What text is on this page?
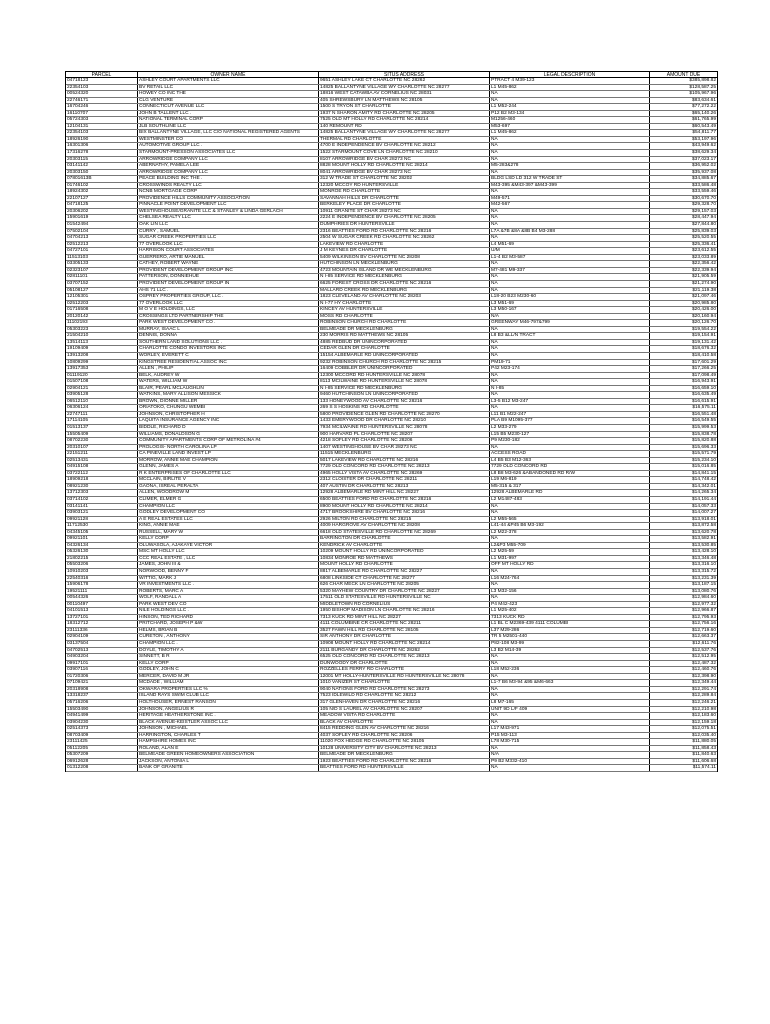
PARCEL	OWNER NAME	SITUS ADDRESS	LEGAL DESCRIPTION	AMOUNT DUE
04718123	ASHLEY COURT APARTMENTS LLC	9651 ASHLEY LAKE CT CHARLOTTE NC 28262	PTRACT 4 M39-123	$385,898.82
22354103	BV RETAIL LLC	14825 BALLANTYNE VILLAGE WY CHARLOTTE NC 28277	L1 M45-862	$128,587.25
00524320	HOWEY CO INC THE	18816 WEST CATAWBA AV CORNELIUS NC 28031	NA	$105,967.96
22746171	CLG VENTURE	405 SHREWSBURY LN MATTHEWS NC 28105	NA	$83,634.61
16704246	CONNECTICUT AVENUE LLC	1500 S TRYON ST CHARLOTTE	L1 M52-244	$77,272.22
16110707	JOHN B TALLENT LLC .	1937 N SHARON AMITY RD CHARLOTTE NC 28205	P12 B2 M3-134	$65,140.26
05724303	NATIONAL TERMINAL CORP	7525 OLD MT HOLLY RD CHARLOTTE NC 28214	M1256-460	$61,765.99
12104131	JLB SOUTHLINE LLC	140 REMOUNT RD	M53-697	$60,543.49
22354103	BIX BALLANTYNE VILLAGE, LLC C/O NATIONAL REGISTERED AGENTS	14825 BALLANTYNE VILLAGE WY CHARLOTTE NC 28277	L1 M45-862	$54,811.77
18926190	WESTMINSTER CO	THERMAL RD CHARLOTTE	NA	$53,197.96
16301306	AUTOMOTIVE GROUP LLC .	4700 E INDEPENDENCE BV CHARLOTTE NC 28212	NA	$43,949.62
17316278	STARMOUNT-PRESSON ASSOCIATES LLC	1522 STARMOUNT COVE LN CHARLOTTE NC 28210	NA	$38,629.34
20303115	ARROWRIDGE COMPANY LLC	8107 ARROWRIDGE BV CHAR 28273 NC	NA	$37,023.17
03141142	ABERNATHY, PAMELA LEE	8828 MOUNT HOLLY RD CHARLOTTE NC 28214	M5-283&278	$36,952.02
20303150	ARROWRIDGE COMPANY LLC	8041 ARROWRIDGE BV CHAR 28273 NC	NA	$35,937.08
07801613B	PEACE BUILDING INC THE .	312 W TRADE ST CHARLOTTE NC 28202	BLDG LSD LD 312 W TRADE ST	$34,885.67
01746102	CROSSWINDS REALTY LLC	12320 MCCOY RD HUNTERSVILLE	M43-395 &M43-397 &M43-399	$33,586.48
18924302	NCNB MORTGAGE CORP	MONROE RD CHARLOTTE	NA	$33,559.46
22107127	PROVIDENCE HILLS COMMUNITY ASSOCIATION	SAVANNAH HILLS DR CHARLOTTE	M49-571	$30,670.70
04718125	PINNACLE POINT DEVELOPMENT LLC	BERKELEY PLACE DR CHARLOTTE	M42-567	$29,328.70
20306202	WESTINGHOUSE/GRANITE LLC & STANLEY & LINDA GERLACH	10911 GRANITE ST CHAR 28273 NC	NA	$29,157.03
15901619	CHELSEA REALTY LLC	2224 E INDEPENDENCE BV CHARLOTTE NC 28205	NA	$28,447.94
01542494	OAK LIN LLC	DUMPHRIES DR HUNTERSVILLE	NA	$27,844.80
07502104	CURRY , SAMUEL	2316 BEATTIES FORD RD CHARLOTTE NC 28216	L7A &7B &8A &8B B4 M3-288	$25,839.03
04704213	SUGAR CREEK PROPERTIES LLC	2504 W SUGAR CREEK RD CHARLOTTE NC 28262	NA	$25,520.55
02512213	77 OVERLOOK LLC	LAKEVIEW RD CHARLOTTE	L4 M51-69	$25,336.41
04727101	HARRISON COURT ASSOCIATES	J M KEYNES DR CHARLOTTE	U/M	$23,612.55
11513103	GUERRERO, ARTIE MANUEL	5409 WILKINSON BV CHARLOTTE NC 28208	L1-4 B2 M3-587	$23,033.89
03305133	CATHEY, ROBERT WAYNE	HUTCHINSON LN MECKLENBURG	NA	$22,356.42
02323107	PROVIDENT DEVELOPMENT GROUP INC	4723 MOUNTAIN ISLAND DR WE MECKLENBURG	M7-481 M9-337	$22,339.94
02811101	PATTERSON, DONNIEHUE	N I-85 SERVICE RD MECKLENBURG	NA	$21,905.59
03707152	PROVIDENT DEVELOPMENT GROUP IN	6625 FOREST CROSS DR CHARLOTTE NC 28216	NA	$21,274.90
05108127	AHS 71 LLC .	MALLARD CREEK RD MECKLENBURG	NA	$21,119.38
12105301	OSPREY PROPERTIES GROUP, LLC .	1823 CLEVELAND AV CHARLOTTE NC 28203	L18-20 B23 M230-60	$21,097.46
02512203	77 OVERLOOK LLC	N I-77 HY CHARLOTTE	L3 M51-69	$20,985.80
01716508	M O V E HOLDINGS, LLC	KINCEY AV HUNTERSVILLE	L3 M50-167	$20,426.00
20120142	CROSSINGS LTD PARTNERSHIP THE	MOSS RD CHARLOTTE	N/A	$20,160.94
11102193	PARK WEST DEVELOPMENT CO .	ROBINSON CHURCH RD CHARLOTTE	GREENWAY M46-797&799	$20,126.70
05303223	MURRAY, ISAAC L	BELMEADE DR MECKLENBURG	NA	$19,554.22
21504210	DENNIS, DONNA	230 MORRIS RD MATTHEWS NC 28105	L8 B3 &LL/N TRACT	$19,154.91
13514113	SOUTHERN LAND SOLUTIONS LLC .	4885 REDBUD DR UNINCORPORATED	NA	$19,131.42
19109409	CHARLOTTE CONDO INVESTORS INC	CEDAR GLEN DR CHARLOTTE	NA	$18,676.32
13913208	WORLEY, EVERETT C	15154 ALBEMARLE RD UNINCORPORATED	NA	$18,410.58
10809299	KINGSTREE RESIDENTIAL ASSOC INC	9232 ROBINSON CHURCH RD CHARLOTTE NC 28215	PM19-71	$17,601.29
13917353	ALLEN , PHILIP	16409 COBBLER DR UNINCORPORATED	P42 M23-174	$17,266.25
01119120	BELK, AUDREY W	12300 MCCORD RD HUNTERSVILLE NC 28078	NA	$17,098.49
01507108	WATERS, WILLIAM W	8113 MCILWAINE RD HUNTERSVILLE NC 28078	NA	$16,943.91
02904121	BLAIR, PEARL MCLAUGHLIN	N I-85 SERVICE RD MECKLENBURG	N I-85	$16,659.10
03905128	WATKINS, MARY ALLISON MESSICK	9460 HUTCHINSON LN UNINCORPORATED	NA	$16,635.49
06512110	BROWN, DIONNE MILLER	133 HONEYWOOD AV CHARLOTTE NC 28216	L3-5 B12 M3-247	$16,615.91
06306124	ORIATOKO, CHUNGU WEMBI	269 S S HOSKINS RD CHARLOTTE	NA	$16,575.11
22747111	JOHNSON, CHRISTOPHER H	5800 PROVIDENCE GLEN RD CHARLOTTE NC 28270	L11 B1 M22-247	$16,551.48
17114105	LAQUITA INSURANCE AGENCY INC	1433 EMERYWOOD DR CHARLOTTE NC 28210	PLA B9 M1095-377	$16,549.55
01513137	BIDDLE, RICHARD D	7934 MCILWAINE RD HUNTERSVILLE NC 28078	L2 M33-279	$15,999.53
15505409	WILLIAMS, DONALDSON G	900 HARVARD PL CHARLOTTE NC 28207	L15 B5 M230-127	$15,838.78
08702230	COMMUNITY APARTMENTS CORP OF METROLINA #4	4218 SOFLEY RD CHARLOTTE NC 28206	P9 M230-182	$15,820.88
20310107	PROLOGIS- NORTH CAROLINA LP	1407 WESTINGHOUSE BV CHAR 28273 NC	NA	$15,696.33
22151211	CA PINEVILLE LAND INVEST LP	11515 MECKLENBURG	ACCESS ROAD	$15,571.79
02513431	MORROW, ANNIE MAE CHAMPION	5017 LAKEVIEW RD CHARLOTTE NC 28216	L4 B5 B3 M12-363	$15,234.10
04915108	GLENN, JAMES A	7729 OLD CONCORD RD CHARLOTTE NC 28213	7729 OLD CONCORD RD	$15,016.85
03722112	R K ENTERPRISES OF CHARLOTTE LLC	4965 HOLLY VISTA AV CHARLOTTE NC 28269	L8 B8 M3-626 &ABANDONED RD R/W	$14,841.15
18909218	MCCLAIN, BIRLITE V	2312 CLOISTER DR CHARLOTTE NC 28211	L19 M6-819	$14,748.42
08921230	GAONA, ISREAL PERALTA	407 AUSTIN DR CHARLOTTE NC 28213	M5-315 & 317	$14,342.01
13712303	ALLEN, WOODROW M	12928 ALBEMARLE RD MINT HILL NC 28227	12928 ALBEMARLE RD	$14,265.34
03714102	CLIMER, ELMER G	6500 BEATTIES FORD RD CHARLOTTE NC 28216	L2 M1487-483	$14,191.44
03141141	CHAMPION LLC	8900 MOUNT HOLLY RD CHARLOTTE NC 28214	NA	$14,057.33
03903121	GODLEY DEVELOPMENT CO	4717 BROOKSHIRE BV CHARLOTTE NC 28216	NA	$14,007.27
09921128	A E REAL ESTATES LLC	2926 MILTON RD CHARLOTTE NC 28215	L2 M55-565	$13,918.01
11712530	KING, ANNIE MAE	4009 HARGROVE AV CHARLOTTE NC 28208	L41-44 &P45 B6 M3-192	$13,872.58
04345105	RUSSELL, MARY W	6618 OLD STATESVILLE RD CHARLOTTE NC 28269	L2 M22-378	$13,620.78
09921101	KELLY CORP	BARRINGTON DR CHARLOTTE	NA	$13,582.91
04326134	OLUWASOLA, AJAKAYE VICTOR	KENDRICK AV CHARLOTTE	L2&P3 M55-709	$13,530.85
05326130	MSC MT HOLLY LLC	10209 MOUNT HOLLY RD UNINCORPORATED	L2 M25-59	$13,428.10
21802215	CCC REAL ESTATE , LLC	10834 MONROE RD MATTHEWS	L1 M31-997	$13,346.48
05503206	JAMES, JOHN III &	MOUNT HOLLY RD CHARLOTTE	OFF MT HOLLY RD	$13,316.10
10910203	NORWOOD, BENNY F	8817 ALBEMARLE RD CHARLOTTE NC 28227	NA	$13,315.72
22540316	WITTIG, MARK J	6808 LINKSIDE CT CHARLOTTE NC 28277	L16 M24-764	$13,231.39
15906178	VR INVESTMENTS LLC .	626 CHAR MECK LN CHARLOTTE NC 28205	NA	$13,187.15
19521111	ROBERTS, MARC A	5320 MAYHEW COUNTRY DR CHARLOTTE NC 28227	L3 M32-156	$13,080.76
00544326	WOLF, RANDALL A	17511 OLD STATESVILLE RD HUNTERSVILLE NC	NA	$12,984.60
00110497	PARK WEST DEV CO	MIDDLETOWN RD CORNELIUS	P4 M42-423	$12,977.32
04101513	NILE HOLDINGS LLC .	1950 BISHOP MADISON LN CHARLOTTE NC 28216	L1 M25-402	$12,966.87
13727101	HINSON, TED RICHARD	7313 KUCK RD MINT HILL NC 28227	7313 KUCK RD	$12,795.93
18312712	PRITCHARD, JOSEPH P &W	4111 COLUMBINE CR CHARLOTTE NC 28211	L1 BL C M2369-439 4111 COLUMBI	$12,756.16
23111336	HELMS, BRIAN B	3527 FAWN HILL RD CHARLOTTE NC 28105	L37 M29-286	$12,719.60
02904109	CURETON , ANTHONY	SIR ANTHONY DR CHARLOTTE	TR 5 M2501-440	$12,663.37
03137504	CHAMPION LLC .	10908 MOUNT HOLLY RD CHARLOTTE NC 28214	P82-108 M3-99	$12,611.76
04702513	DOYLE, TIMOTHY A	2111 BURGANDY DR CHARLOTTE NC 28262	L3 B2 M14-39	$12,537.76
04903204	SINNETT, B R	6525 OLD CONCORD RD CHARLOTTE NC 28213	NA	$12,512.95
09917101	KELLY CORP	DUNWOODY DR CHARLOTTE	NA	$12,487.32
03907116	GODLEY, JOHN C	ROZZELLES FERRY RD CHARLOTTE	L18 M52-236	$12,460.76
01720306	MERCER, DAVID M JR	12001 MT HOLLY-HUNTERSVILLE RD HUNTERSVILLE NC 28078	NA	$12,398.90
07109421	MCDADE , WILLIAM	1010 VANIZER ST CHARLOTTE	L1-7 B6 M3-94 &95 &M6-663	$12,349.44
20318908	OKWARA PROPERTIES LLC %	9040 NATIONS FORD RD CHARLOTTE NC 28273	NA	$12,291.74
13318237	ISLAND RAYS SWIM CLUB LLC	7523 IDLEWILD RD CHARLOTTE NC 28212	NA	$12,289.84
05716206	HOLTHOUSER, ERNEST RANSON	317 GLENHAVEN DR CHARLOTTE NC 28216	L8 M7-165	$12,246.21
15503490	JOHNSON, ANGELIUS R	105 N/D S LAUREL AV CHARLOTTE NC 28207	UNIT 9D L/F 409	$12,210.98
04941499	HERITAGE HEATHERSTONE INC .	MEADOW VISTA RD CHARLOTTE	NA	$12,183.60
03904230	BLACK AVENUE-KEISTLER ASSOC LLC	BLACK AV CHARLOTTE	NA	$12,159.18
02514373	JOHNSON , MICHAEL	8415 REDDING GLEN AV CHARLOTTE NC 28216	L17 M43-971	$12,075.51
08703409	HARRINGTON, CHARLES T	4037 SOFLEY RD CHARLOTTE NC 28206	P15 M3-113	$12,035.40
23111425	HAMPSHIRE HOMES INC	11020 FOX HEDGE RD CHARLOTTE NC 28105	L78 M30-715	$11,880.05
05112205	ROLAND, ALAN E	10128 UNIVERSITY CITY BV CHARLOTTE NC 28213	NA	$11,858.43
05307209	BELMEADE GREEN HOMEOWNERS ASSOCIATION	BELMEADE DR MECKLENBURG	N/A	$11,840.63
06912628	JACKSON, ANTONIA L	1923 BEATTIES FORD RD CHARLOTTE NC 28216	P9 B2 M332-410	$11,606.68
01312208	BANK OF GRANITE	BEATTIES FORD RD HUNTERSVILLE	NA	$11,574.11
